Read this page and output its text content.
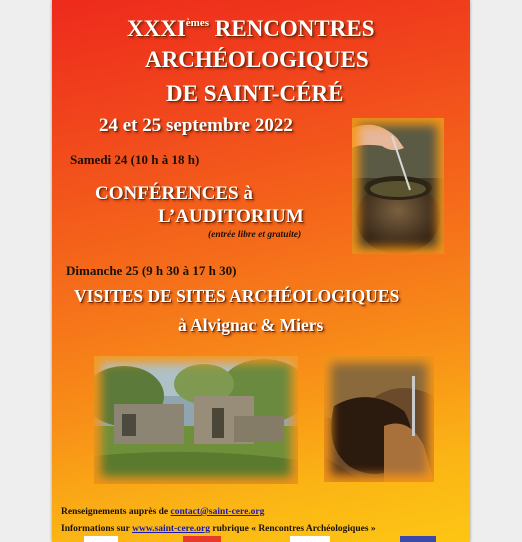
XXXIèmes RENCONTRES
ARCHÉOLOGIQUES
DE SAINT-CÉRÉ
24 et 25 septembre 2022
Samedi 24 (10 h à 18 h)
CONFÉRENCES à
L’AUDITORIUM
(entrée libre et gratuite)
Dimanche 25 (9 h 30 à 17 h 30)
VISITES DE SITES ARCHÉOLOGIQUES
à Alvignac & Miers
Renseignements auprès de contact@saint-cere.org
Informations sur www.saint-cere.org rubrique « Rencontres Archéologiques »
